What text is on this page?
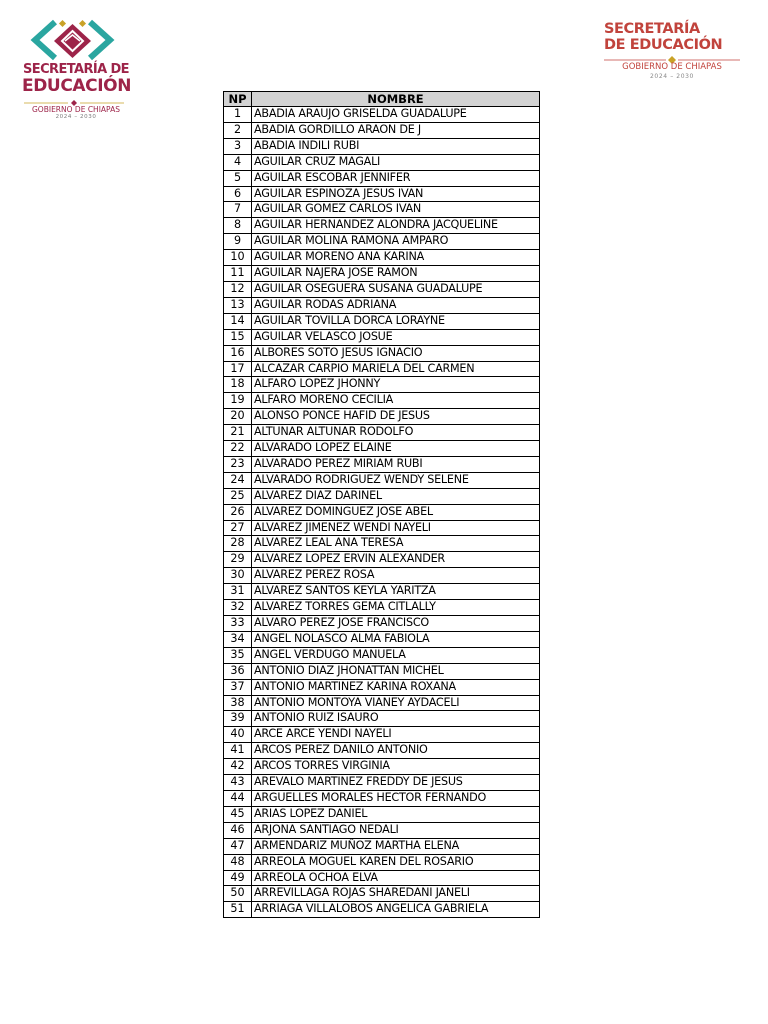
SECRETARÍA DE
EDUCACIÓN
GOBIERNO DE CHIAPAS
2024 – 2030
SECRETARÍA
DE EDUCACIÓN
GOBIERNO DE CHIAPAS
2024 – 2030
NP	NOMBRE
1	ABADIA ARAUJO GRISELDA GUADALUPE
2	ABADIA GORDILLO ARAON DE J
3	ABADIA INDILI RUBI
4	AGUILAR CRUZ MAGALI
5	AGUILAR ESCOBAR JENNIFER
6	AGUILAR ESPINOZA JESUS IVAN
7	AGUILAR GOMEZ CARLOS IVAN
8	AGUILAR HERNANDEZ ALONDRA JACQUELINE
9	AGUILAR MOLINA RAMONA AMPARO
10	AGUILAR MORENO ANA KARINA
11	AGUILAR NAJERA JOSE RAMON
12	AGUILAR OSEGUERA SUSANA GUADALUPE
13	AGUILAR RODAS ADRIANA
14	AGUILAR TOVILLA DORCA LORAYNE
15	AGUILAR VELASCO JOSUE
16	ALBORES SOTO JESUS IGNACIO
17	ALCAZAR CARPIO MARIELA DEL CARMEN
18	ALFARO LOPEZ JHONNY
19	ALFARO MORENO CECILIA
20	ALONSO PONCE HAFID DE JESUS
21	ALTUNAR ALTUNAR RODOLFO
22	ALVARADO LOPEZ ELAINE
23	ALVARADO PEREZ MIRIAM RUBI
24	ALVARADO RODRIGUEZ WENDY SELENE
25	ALVAREZ DIAZ DARINEL
26	ALVAREZ DOMINGUEZ JOSE ABEL
27	ALVAREZ JIMENEZ WENDI NAYELI
28	ALVAREZ LEAL ANA TERESA
29	ALVAREZ LOPEZ ERVIN ALEXANDER
30	ALVAREZ PEREZ ROSA
31	ALVAREZ SANTOS KEYLA YARITZA
32	ALVAREZ TORRES GEMA CITLALLY
33	ALVARO PEREZ JOSE FRANCISCO
34	ANGEL NOLASCO ALMA FABIOLA
35	ANGEL VERDUGO MANUELA
36	ANTONIO DIAZ JHONATTAN MICHEL
37	ANTONIO MARTINEZ KARINA ROXANA
38	ANTONIO MONTOYA VIANEY AYDACELI
39	ANTONIO RUIZ ISAURO
40	ARCE ARCE YENDI NAYELI
41	ARCOS PEREZ DANILO ANTONIO
42	ARCOS TORRES VIRGINIA
43	AREVALO MARTINEZ FREDDY DE JESUS
44	ARGUELLES MORALES HECTOR FERNANDO
45	ARIAS LOPEZ DANIEL
46	ARJONA SANTIAGO NEDALI
47	ARMENDARIZ MUÑOZ MARTHA ELENA
48	ARREOLA MOGUEL KAREN DEL ROSARIO
49	ARREOLA OCHOA ELVA
50	ARREVILLAGA ROJAS SHAREDANI JANELI
51	ARRIAGA VILLALOBOS ANGELICA GABRIELA
